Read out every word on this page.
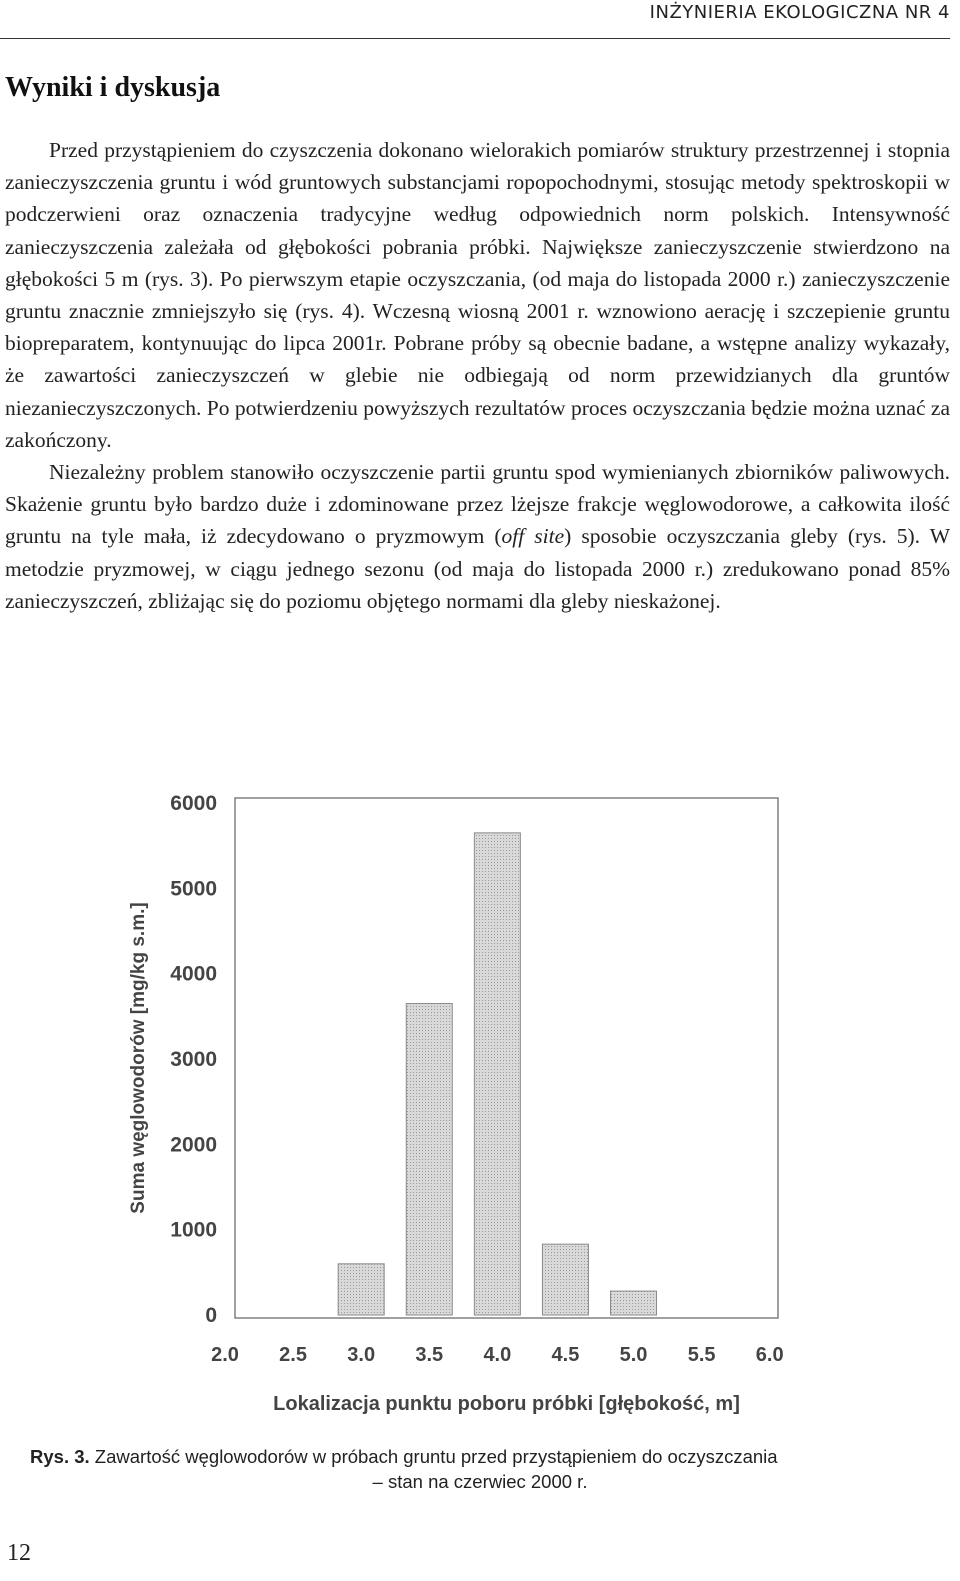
INŻYNIERIA EKOLOGICZNA NR 4
Wyniki i dyskusja

Przed przystąpieniem do czyszczenia dokonano wielorakich pomiarów struktury przestrzennej i stopnia zanieczyszczenia gruntu i wód gruntowych substancjami ropopochodnymi, stosując metody spektroskopii w podczerwieni oraz oznaczenia tradycyjne według odpowiednich norm polskich. Intensywność zanieczyszczenia zależała od głębokości pobrania próbki. Największe zanieczyszczenie stwierdzono na głębokości 5 m (rys. 3). Po pierwszym etapie oczyszczania, (od maja do listopada 2000 r.) zanieczyszczenie gruntu znacznie zmniejszyło się (rys. 4). Wczesną wiosną 2001 r. wznowiono aerację i szczepienie gruntu biopreparatem, kontynuując do lipca 2001r. Pobrane próby są obecnie badane, a wstępne analizy wykazały, że zawartości zanieczyszczeń w glebie nie odbiegają od norm przewidzianych dla gruntów niezanieczyszczonych. Po potwierdzeniu powyższych rezultatów proces oczyszczania będzie można uznać za zakończony.

Niezależny problem stanowiło oczyszczenie partii gruntu spod wymienianych zbiorników paliwowych. Skażenie gruntu było bardzo duże i zdominowane przez lżejsze frakcje węglowodorowe, a całkowita ilość gruntu na tyle mała, iż zdecydowano o pryzmowym (off site) sposobie oczyszczania gleby (rys. 5). W metodzie pryzmowej, w ciągu jednego sezonu (od maja do listopada 2000 r.) zredukowano ponad 85% zanieczyszczeń, zbliżając się do poziomu objętego normami dla gleby nieskażonej.

0
1000
2000
3000
4000
5000
6000
2.0 2.5 3.0 3.5 4.0 4.5 5.0 5.5 6.0
Lokalizacja punktu poboru próbki [głębokość, m]
Suma węglowodorów [mg/kg s.m.]
Rys. 3. Zawartość węglowodorów w próbach gruntu przed przystąpieniem do oczyszczania
– stan na czerwiec 2000 r.
12
